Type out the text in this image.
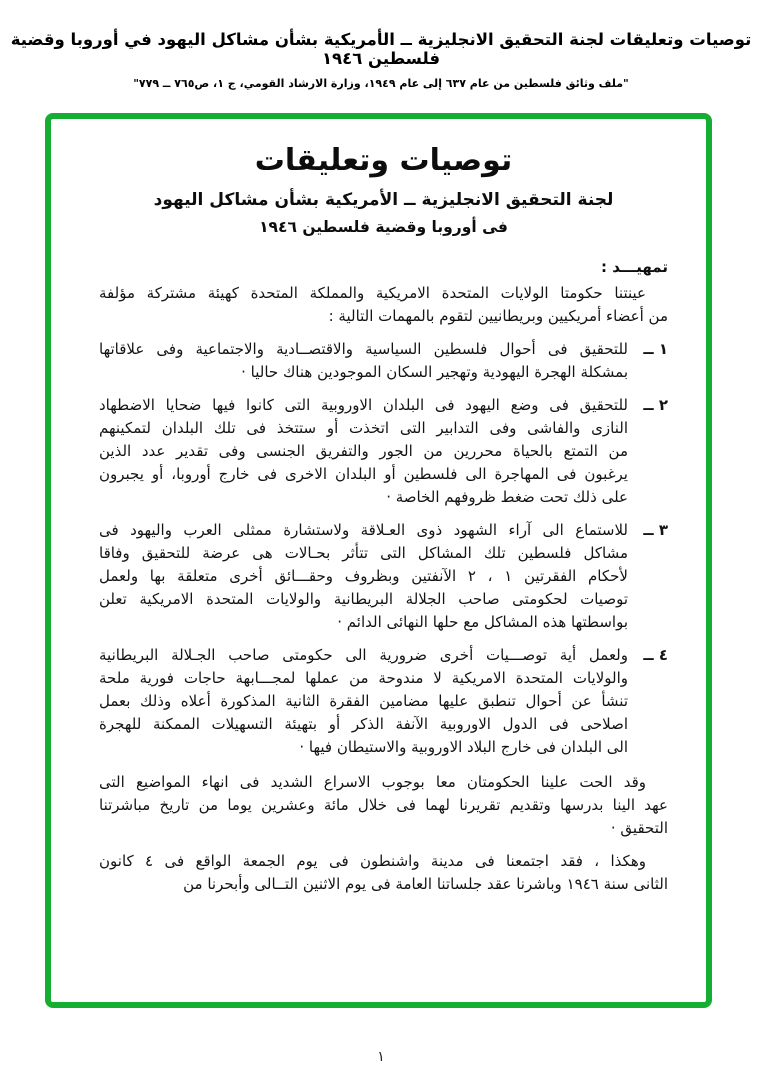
توصيات وتعليقات لجنة التحقيق الانجليزية ــ الأمريكية بشأن مشاكل اليهود في أوروبا وقضية فلسطين ١٩٤٦
"ملف وثائق فلسطين من عام ٦٣٧ إلى عام ١٩٤٩، وزارة الارشاد القومي، ج ١، ص٧٦٥ ــ ٧٧٩"
توصيات وتعليقات
لجنة التحقيق الانجليزية ــ الأمريكية بشأن مشاكل اليهود
فى أوروبا وقضية فلسطين ١٩٤٦
تمهيـــد :
عينتنا حكومتا الولايات المتحدة الامريكية والمملكة المتحدة كهيئة مشتركة مؤلفة
من أعضاء أمريكيين وبريطانيين لتقوم بالمهمات التالية :
١ ــ
للتحقيق فى أحوال فلسطين السياسية والاقتصــادية والاجتماعية وفى علاقاتها
بمشكلة الهجرة اليهودية وتهجير السكان الموجودين هناك حاليا ·
٢ ــ
للتحقيق فى وضع اليهود فى البلدان الاوروبية التى كانوا فيها ضحايا الاضطهاد
النازى والفاشى وفى التدابير التى اتخذت أو ستتخذ فى تلك البلدان لتمكينهم
من التمتع بالحياة محررين من الجور والتفريق الجنسى وفى تقدير عدد الذين
يرغبون فى المهاجرة الى فلسطين أو البلدان الاخرى فى خارج أوروبا، أو يجبرون
على ذلك تحت ضغط ظروفهم الخاصة ·
٣ ــ
للاستماع الى آراء الشهود ذوى العـلاقة ولاستشارة ممثلى العرب واليهود فى
مشاكل فلسطين تلك المشاكل التى تتأثر بحـالات هى عرضة للتحقيق وفاقا
لأحكام الفقرتين ١ ، ٢ الآنفتين وبظروف وحقـــائق أخرى متعلقة بها ولعمل
توصيات لحكومتى صاحب الجلالة البريطانية والولايات المتحدة الامريكية تعلن
بواسطتها هذه المشاكل مع حلها النهائى الدائم ·
٤ ــ
ولعمل أية توصـــيات أخرى ضرورية الى حكومتى صاحب الجـلالة البريطانية
والولايات المتحدة الامريكية لا مندوحة من عملها لمجـــابهة حاجات فورية ملحة
تنشأ عن أحوال تنطبق عليها مضامين الفقرة الثانية المذكورة أعلاه وذلك بعمل
اصلاحى فى الدول الاوروبية الآنفة الذكر أو بتهيئة التسهيلات الممكنة للهجرة
الى البلدان فى خارج البلاد الاوروبية والاستيطان فيها ·
وقد الحت علينا الحكومتان معا بوجوب الاسراع الشديد فى انهاء المواضيع التى
عهد الينا بدرسها وتقديم تقريرنا لهما فى خلال مائة وعشرين يوما من تاريخ مباشرتنا
التحقيق ·
وهكذا ، فقد اجتمعنا فى مدينة واشنطون فى يوم الجمعة الواقع فى ٤ كانون
الثانى سنة ١٩٤٦ وباشرنا عقد جلساتنا العامة فى يوم الاثنين التــالى وأبحرنا من
١
